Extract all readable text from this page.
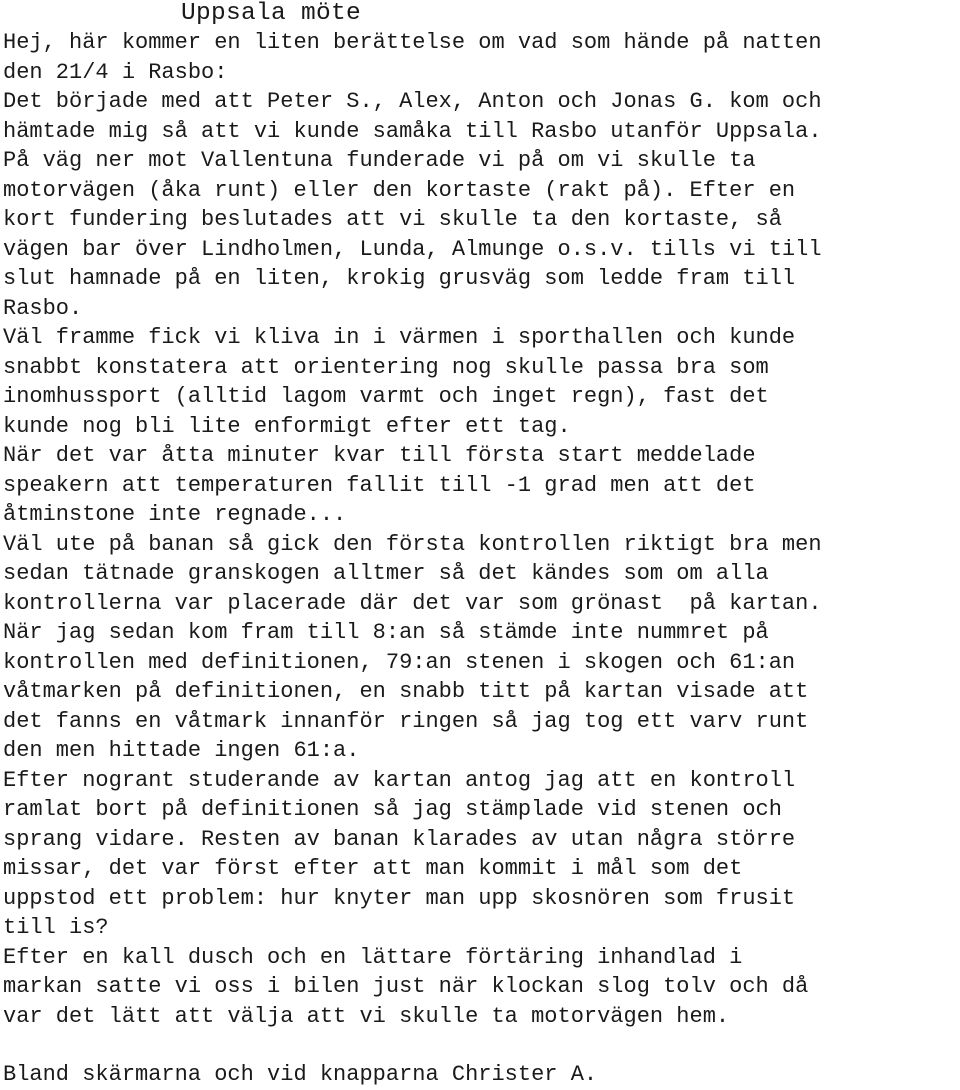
Uppsala möte

Hej, här kommer en liten berättelse om vad som hände på natten

den 21/4 i Rasbo:

Det började med att Peter S., Alex, Anton och Jonas G. kom och

hämtade mig så att vi kunde samåka till Rasbo utanför Uppsala.

På väg ner mot Vallentuna funderade vi på om vi skulle ta

motorvägen (åka runt) eller den kortaste (rakt på). Efter en

kort fundering beslutades att vi skulle ta den kortaste, så

vägen bar över Lindholmen, Lunda, Almunge o.s.v. tills vi till

slut hamnade på en liten, krokig grusväg som ledde fram till

Rasbo.

Väl framme fick vi kliva in i värmen i sporthallen och kunde

snabbt konstatera att orientering nog skulle passa bra som

inomhussport (alltid lagom varmt och inget regn), fast det

kunde nog bli lite enformigt efter ett tag.

När det var åtta minuter kvar till första start meddelade

speakern att temperaturen fallit till -1 grad men att det

åtminstone inte regnade...

Väl ute på banan så gick den första kontrollen riktigt bra men

sedan tätnade granskogen alltmer så det kändes som om alla

kontrollerna var placerade där det var som grönast  på kartan.

När jag sedan kom fram till 8:an så stämde inte nummret på

kontrollen med definitionen, 79:an stenen i skogen och 61:an

våtmarken på definitionen, en snabb titt på kartan visade att

det fanns en våtmark innanför ringen så jag tog ett varv runt

den men hittade ingen 61:a.

Efter nogrant studerande av kartan antog jag att en kontroll

ramlat bort på definitionen så jag stämplade vid stenen och

sprang vidare. Resten av banan klarades av utan några större

missar, det var först efter att man kommit i mål som det

uppstod ett problem: hur knyter man upp skosnören som frusit

till is?

Efter en kall dusch och en lättare förtäring inhandlad i

markan satte vi oss i bilen just när klockan slog tolv och då

var det lätt att välja att vi skulle ta motorvägen hem.

Bland skärmarna och vid knapparna Christer A.
